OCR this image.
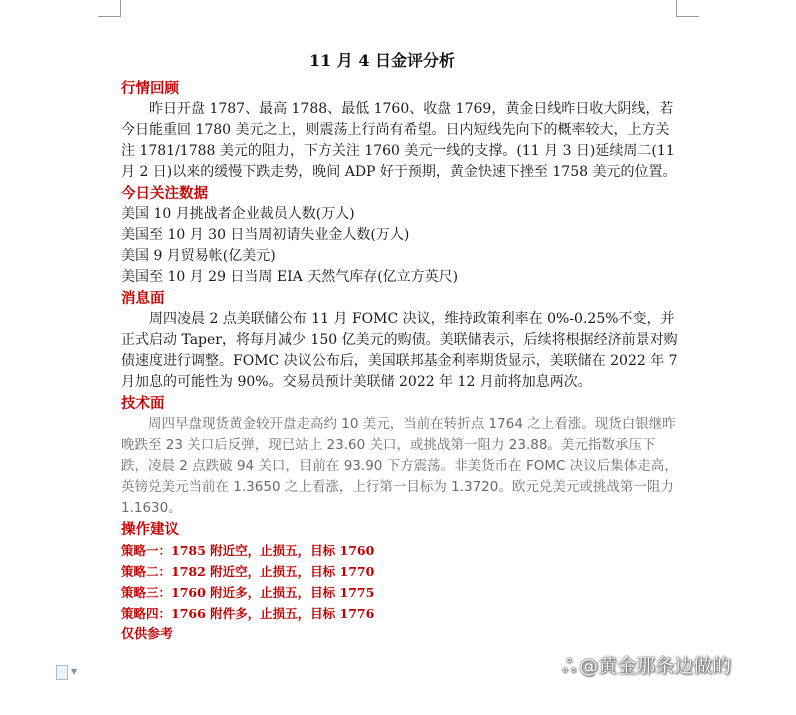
11 月 4 日金评分析
行情回顾

昨日开盘 1787、最高 1788、最低 1760、收盘 1769，黄金日线昨日收大阴线，若今日能重回 1780 美元之上，则震荡上行尚有希望。日内短线先向下的概率较大，上方关注 1781/1788 美元的阻力，下方关注 1760 美元一线的支撑。(11 月 3 日)延续周二(11 月 2 日)以来的缓慢下跌走势，晚间 ADP 好于预期，黄金快速下挫至 1758 美元的位置。

今日关注数据

美国 10 月挑战者企业裁员人数(万人)

美国至 10 月 30 日当周初请失业金人数(万人)

美国 9 月贸易帐(亿美元)

美国至 10 月 29 日当周 EIA 天然气库存(亿立方英尺)

消息面

周四凌晨 2 点美联储公布 11 月 FOMC 决议，维持政策利率在 0%-0.25%不变，并正式启动 Taper，将每月减少 150 亿美元的购债。美联储表示，后续将根据经济前景对购债速度进行调整。FOMC 决议公布后，美国联邦基金利率期货显示，美联储在 2022 年 7 月加息的可能性为 90%。交易员预计美联储 2022 年 12 月前将加息两次。

技术面

周四早盘现货黄金较开盘走高约 10 美元，当前在转折点 1764 之上看涨。现货白银继昨晚跌至 23 关口后反弹，现已站上 23.60 关口，或挑战第一阻力 23.88。美元指数承压下跌，凌晨 2 点跌破 94 关口，目前在 93.90 下方震荡。非美货币在 FOMC 决议后集体走高，英镑兑美元当前在 1.3650 之上看涨，上行第一目标为 1.3720。欧元兑美元或挑战第一阻力 1.1630。

操作建议
策略一：1785 附近空，止损五，目标 1760
策略二：1782 附近空，止损五，目标 1770
策略三：1760 附近多，止损五，目标 1775
策略四：1766 附件多，止损五，目标 1776
仅供参考
▼	ஃ @黄金那条边做的
